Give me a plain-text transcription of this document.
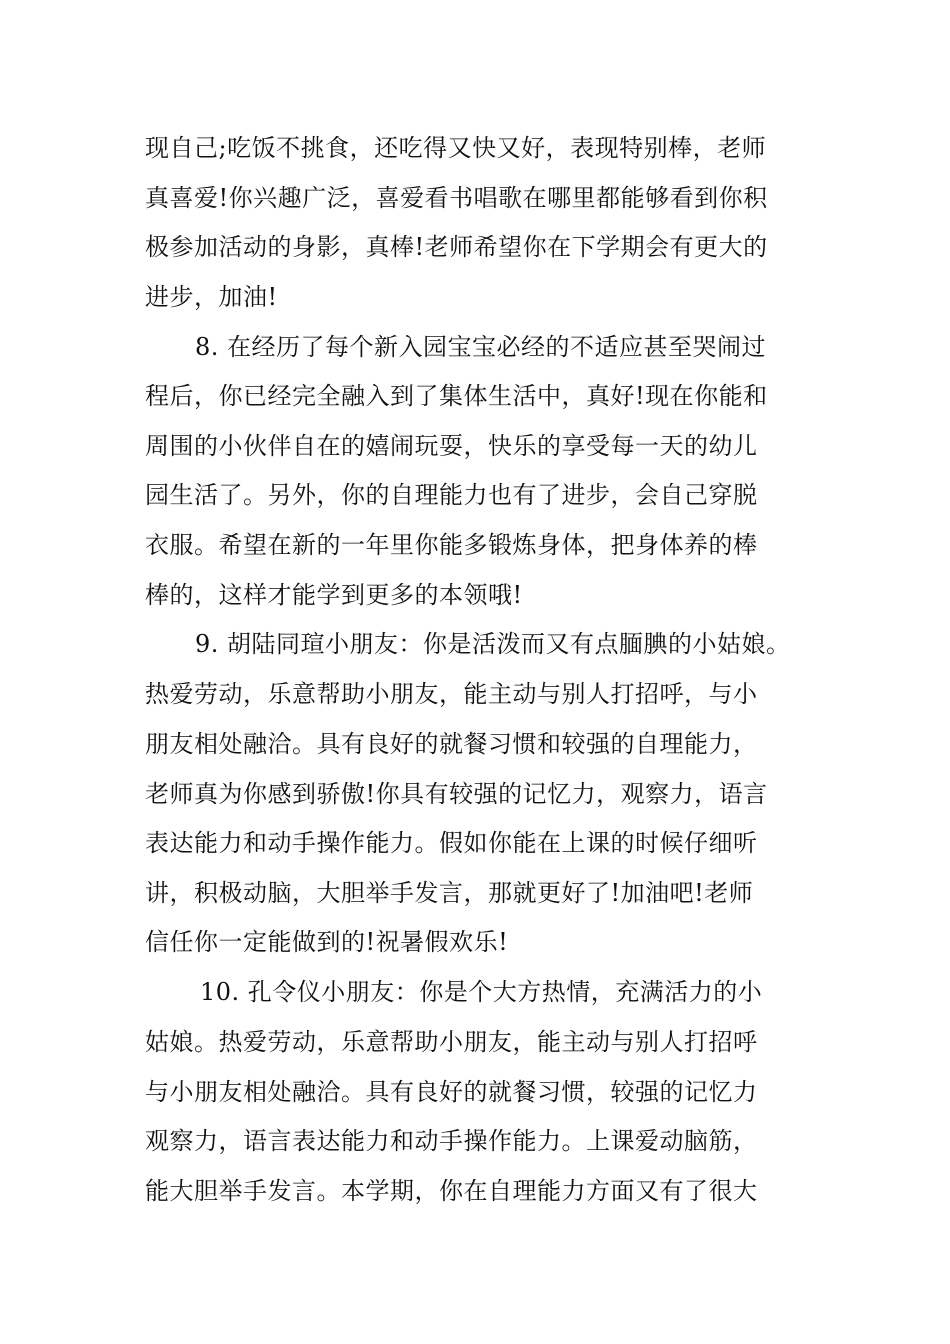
现自己;吃饭不挑食，还吃得又快又好，表现特别棒，老师
真喜爱!你兴趣广泛，喜爱看书唱歌在哪里都能够看到你积
极参加活动的身影，真棒!老师希望你在下学期会有更大的
进步，加油!
8. 在经历了每个新入园宝宝必经的不适应甚至哭闹过
程后，你已经完全融入到了集体生活中，真好!现在你能和
周围的小伙伴自在的嬉闹玩耍，快乐的享受每一天的幼儿
园生活了。另外，你的自理能力也有了进步，会自己穿脱
衣服。希望在新的一年里你能多锻炼身体，把身体养的棒
棒的，这样才能学到更多的本领哦!
9. 胡陆同瑄小朋友：你是活泼而又有点腼腆的小姑娘。
热爱劳动，乐意帮助小朋友，能主动与别人打招呼，与小
朋友相处融洽。具有良好的就餐习惯和较强的自理能力，
老师真为你感到骄傲!你具有较强的记忆力，观察力，语言
表达能力和动手操作能力。假如你能在上课的时候仔细听
讲，积极动脑，大胆举手发言，那就更好了!加油吧!老师
信任你一定能做到的!祝暑假欢乐!
10. 孔令仪小朋友：你是个大方热情，充满活力的小
姑娘。热爱劳动，乐意帮助小朋友，能主动与别人打招呼
与小朋友相处融洽。具有良好的就餐习惯，较强的记忆力
观察力，语言表达能力和动手操作能力。上课爱动脑筋，
能大胆举手发言。本学期，你在自理能力方面又有了很大
